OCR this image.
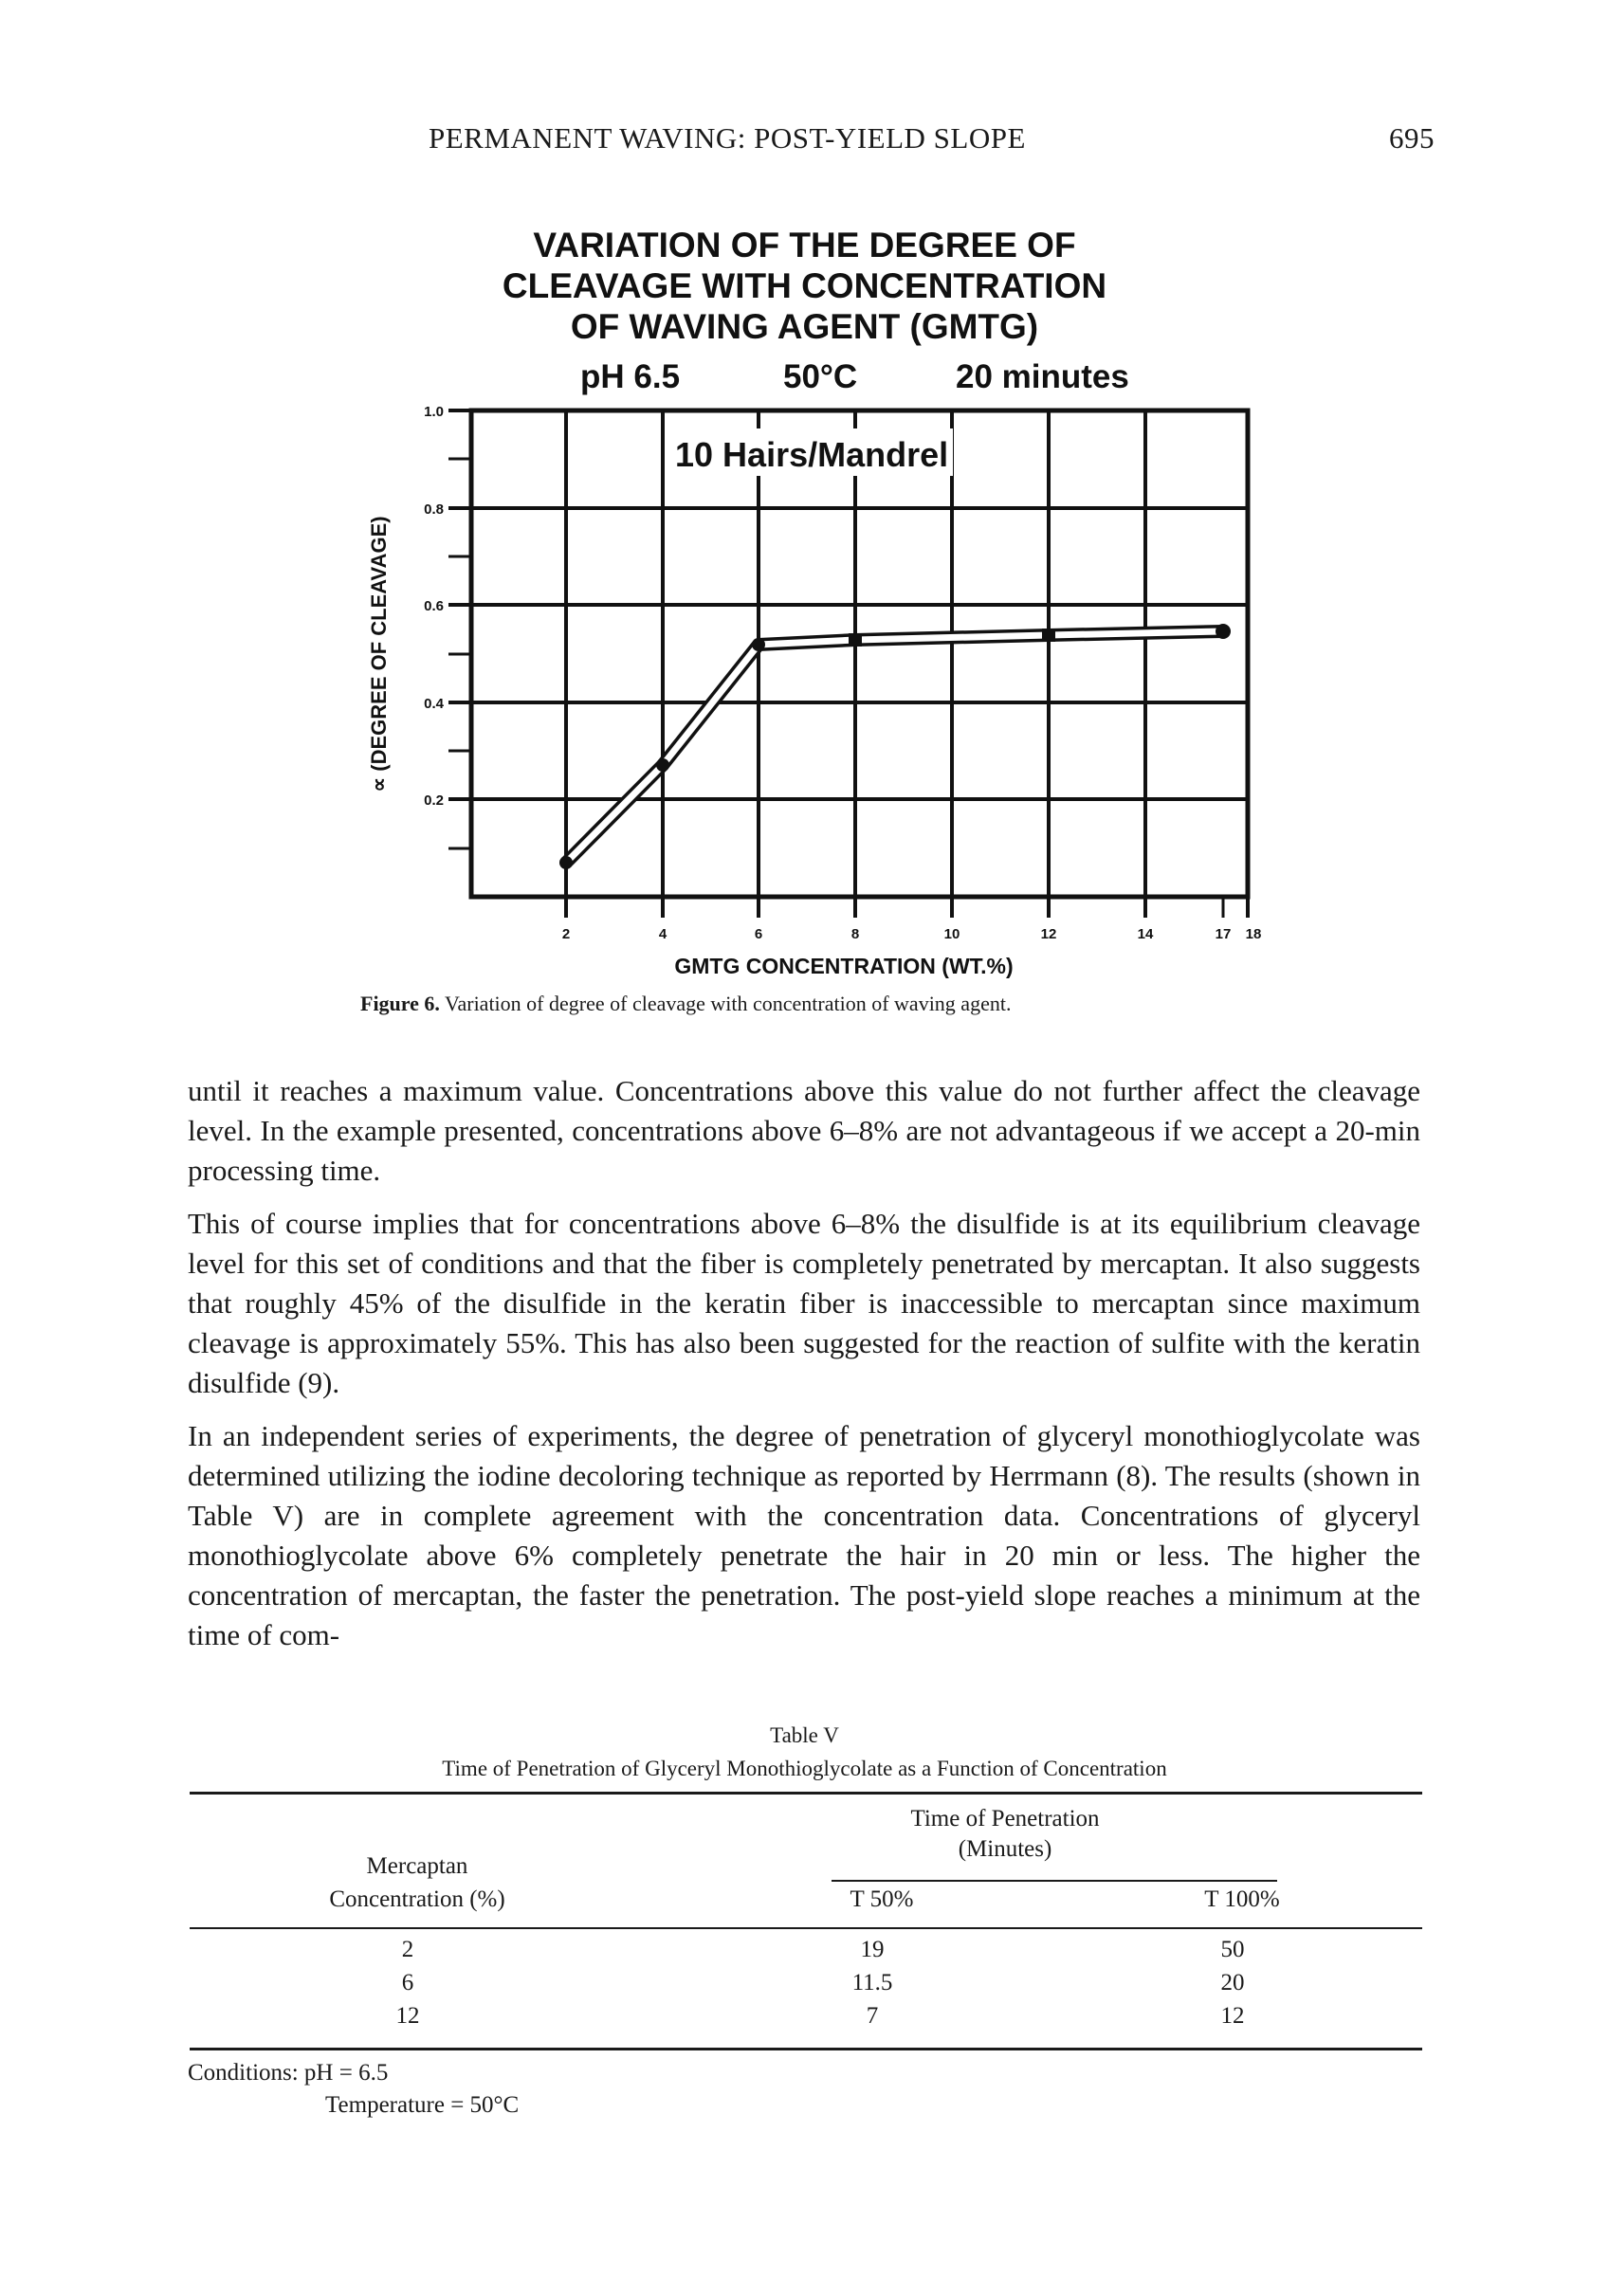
PERMANENT WAVING: POST-YIELD SLOPE	695
VARIATION OF THE DEGREE OF
CLEAVAGE WITH CONCENTRATION
OF WAVING AGENT (GMTG)
pH 6.5	50°C	20 minutes
∝ (DEGREE OF CLEAVAGE)
1.0
0.8
0.6
0.4
0.2
2	4	6	8	10	12	14	17 18
GMTG CONCENTRATION (WT.%)
10 Hairs/Mandrel
Figure 6. Variation of degree of cleavage with concentration of waving agent.

until it reaches a maximum value. Concentrations above this value do not further affect the cleavage level. In the example presented, concentrations above 6–8% are not advantageous if we accept a 20-min processing time.

This of course implies that for concentrations above 6–8% the disulfide is at its equilibrium cleavage level for this set of conditions and that the fiber is completely penetrated by mercaptan. It also suggests that roughly 45% of the disulfide in the keratin fiber is inaccessible to mercaptan since maximum cleavage is approximately 55%. This has also been suggested for the reaction of sulfite with the keratin disulfide (9).

In an independent series of experiments, the degree of penetration of glyceryl monothioglycolate was determined utilizing the iodine decoloring technique as reported by Herrmann (8). The results (shown in Table V) are in complete agreement with the concentration data. Concentrations of glyceryl monothioglycolate above 6% completely penetrate the hair in 20 min or less. The higher the concentration of mercaptan, the faster the penetration. The post-yield slope reaches a minimum at the time of com-

Table V
Time of Penetration of Glyceryl Monothioglycolate as a Function of Concentration
Time of Penetration
(Minutes)
Mercaptan
Concentration (%)	T 50%	T 100%
2	19	50
6	11.5	20
12	7	12
Conditions: pH = 6.5
Temperature = 50°C
